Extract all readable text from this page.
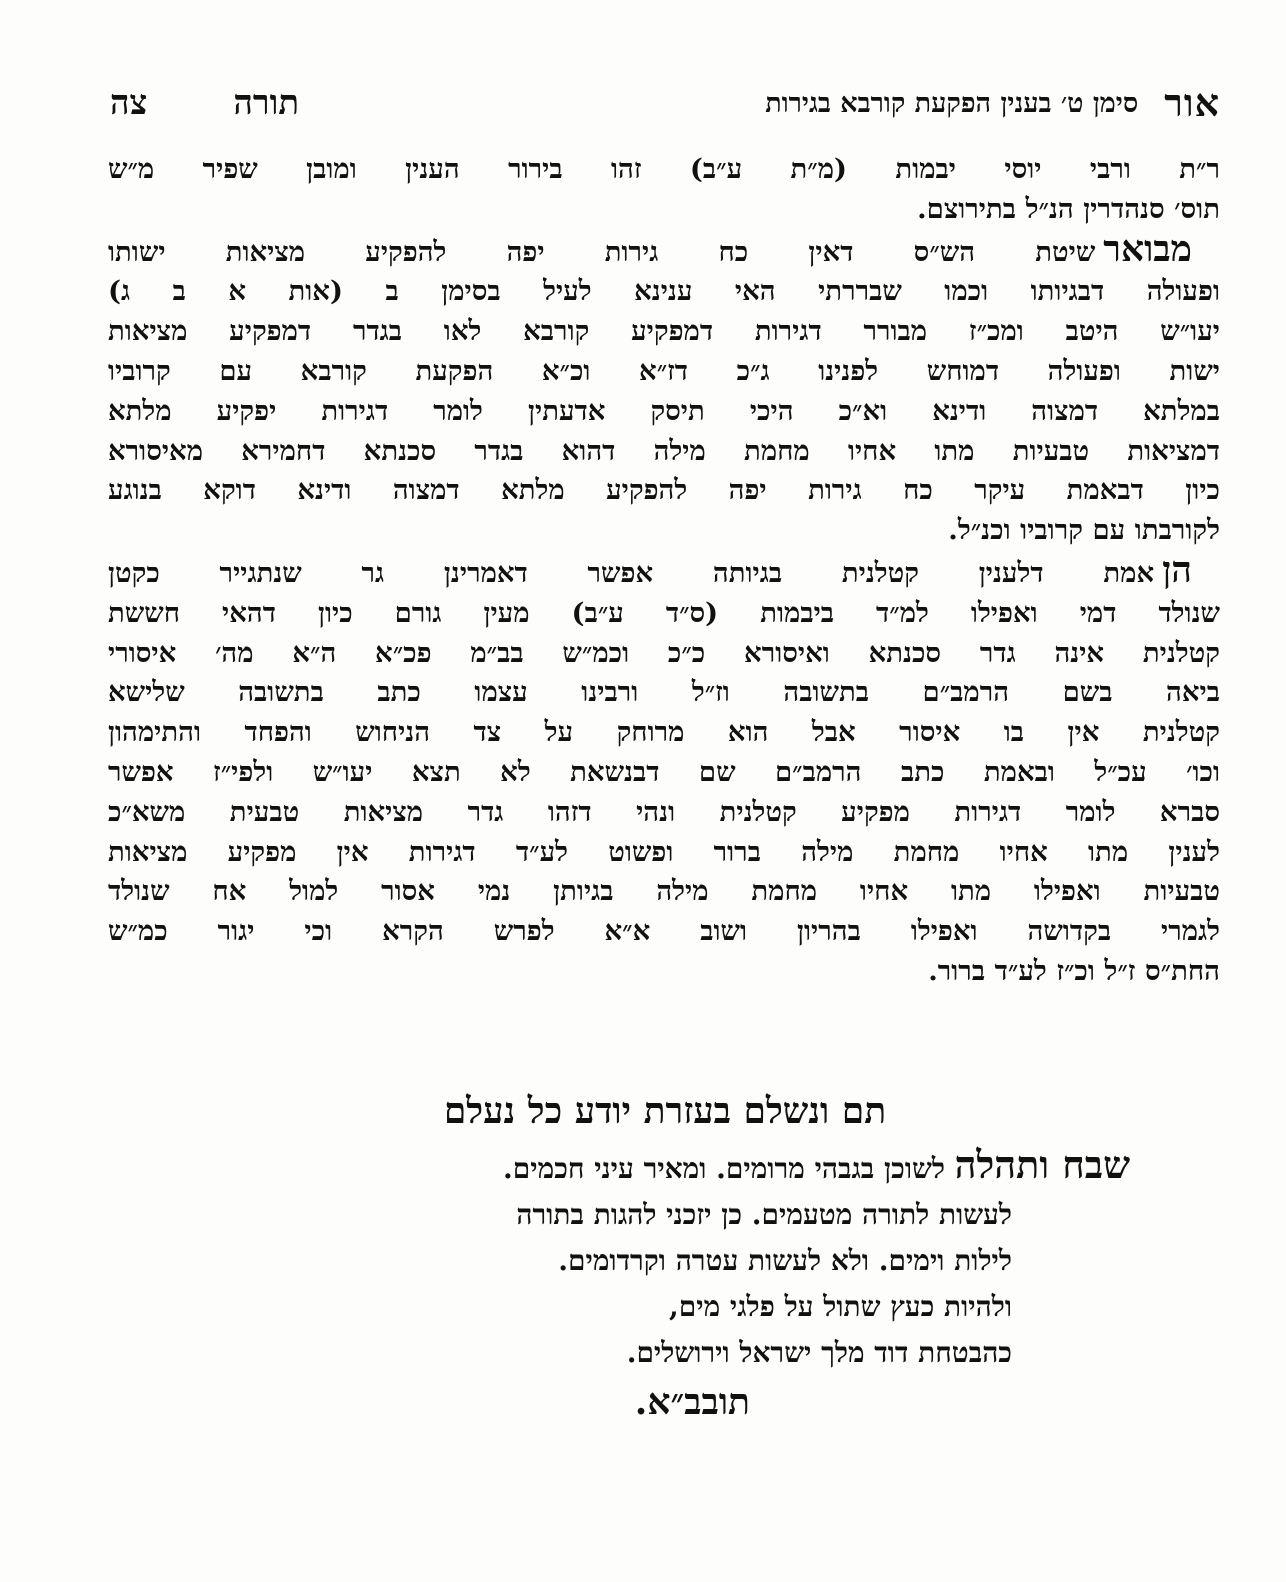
אור
סימן ט׳ בענין הפקעת קורבא בגירות
תורה
צה
ר״ת ורבי יוסי יבמות (מ״ת ע״ב) זהו בירור הענין ומובן שפיר מ״ש
תוס׳ סנהדרין הנ״ל בתירוצם.
מבוארשיטת הש״ס דאין כח גירות יפה להפקיע מציאות ישותו
ופעולה דבגיותו וכמו שבררתי האי ענינא לעיל בסימן ב (אות א ב ג)
יעו״ש היטב ומכ״ז מבורר דגירות דמפקיע קורבא לאו בגדר דמפקיע מציאות
ישות ופעולה דמוחש לפנינו ג״כ דז״א וכ״א הפקעת קורבא עם קרוביו
במלתא דמצוה ודינא וא״כ היכי תיסק אדעתין לומר דגירות יפקיע מלתא
דמציאות טבעיות מתו אחיו מחמת מילה דהוא בגדר סכנתא דחמירא מאיסורא
כיון דבאמת עיקר כח גירות יפה להפקיע מלתא דמצוה ודינא דוקא בנוגע
לקורבתו עם קרוביו וכנ״ל.
הןאמת דלענין קטלנית בגיותה אפשר דאמרינן גר שנתגייר כקטן
שנולד דמי ואפילו למ״ד ביבמות (ס״ד ע״ב) מעין גורם כיון דהאי חששת
קטלנית אינה גדר סכנתא ואיסורא כ״כ וכמ״ש בב״מ פכ״א ה״א מה׳ איסורי
ביאה בשם הרמב״ם בתשובה וז״ל ורבינו עצמו כתב בתשובה שלישא
קטלנית אין בו איסור אבל הוא מרוחק על צד הניחוש והפחד והתימהון
וכו׳ עכ״ל ובאמת כתב הרמב״ם שם דבנשאת לא תצא יעו״ש ולפי״ז אפשר
סברא לומר דגירות מפקיע קטלנית ונהי דזהו גדר מציאות טבעית משא״כ
לענין מתו אחיו מחמת מילה ברור ופשוט לע״ד דגירות אין מפקיע מציאות
טבעיות ואפילו מתו אחיו מחמת מילה בגיותן נמי אסור למול אח שנולד
לגמרי בקדושה ואפילו בהריון ושוב א״א לפרש הקרא וכי יגור כמ״ש
החת״ס ז״ל וכ״ז לע״ד ברור.

תם ונשלם בעזרת יודע כל נעלם

שבח ותהלה לשוכן בגבהי מרומים. ומאיר עיני חכמים.

לעשות לתורה מטעמים. כן יזכני להגות בתורה

לילות וימים. ולא לעשות עטרה וקרדומים.

ולהיות כעץ שתול על פלגי מים,

כהבטחת דוד מלך ישראל וירושלים.

תובב״א.
